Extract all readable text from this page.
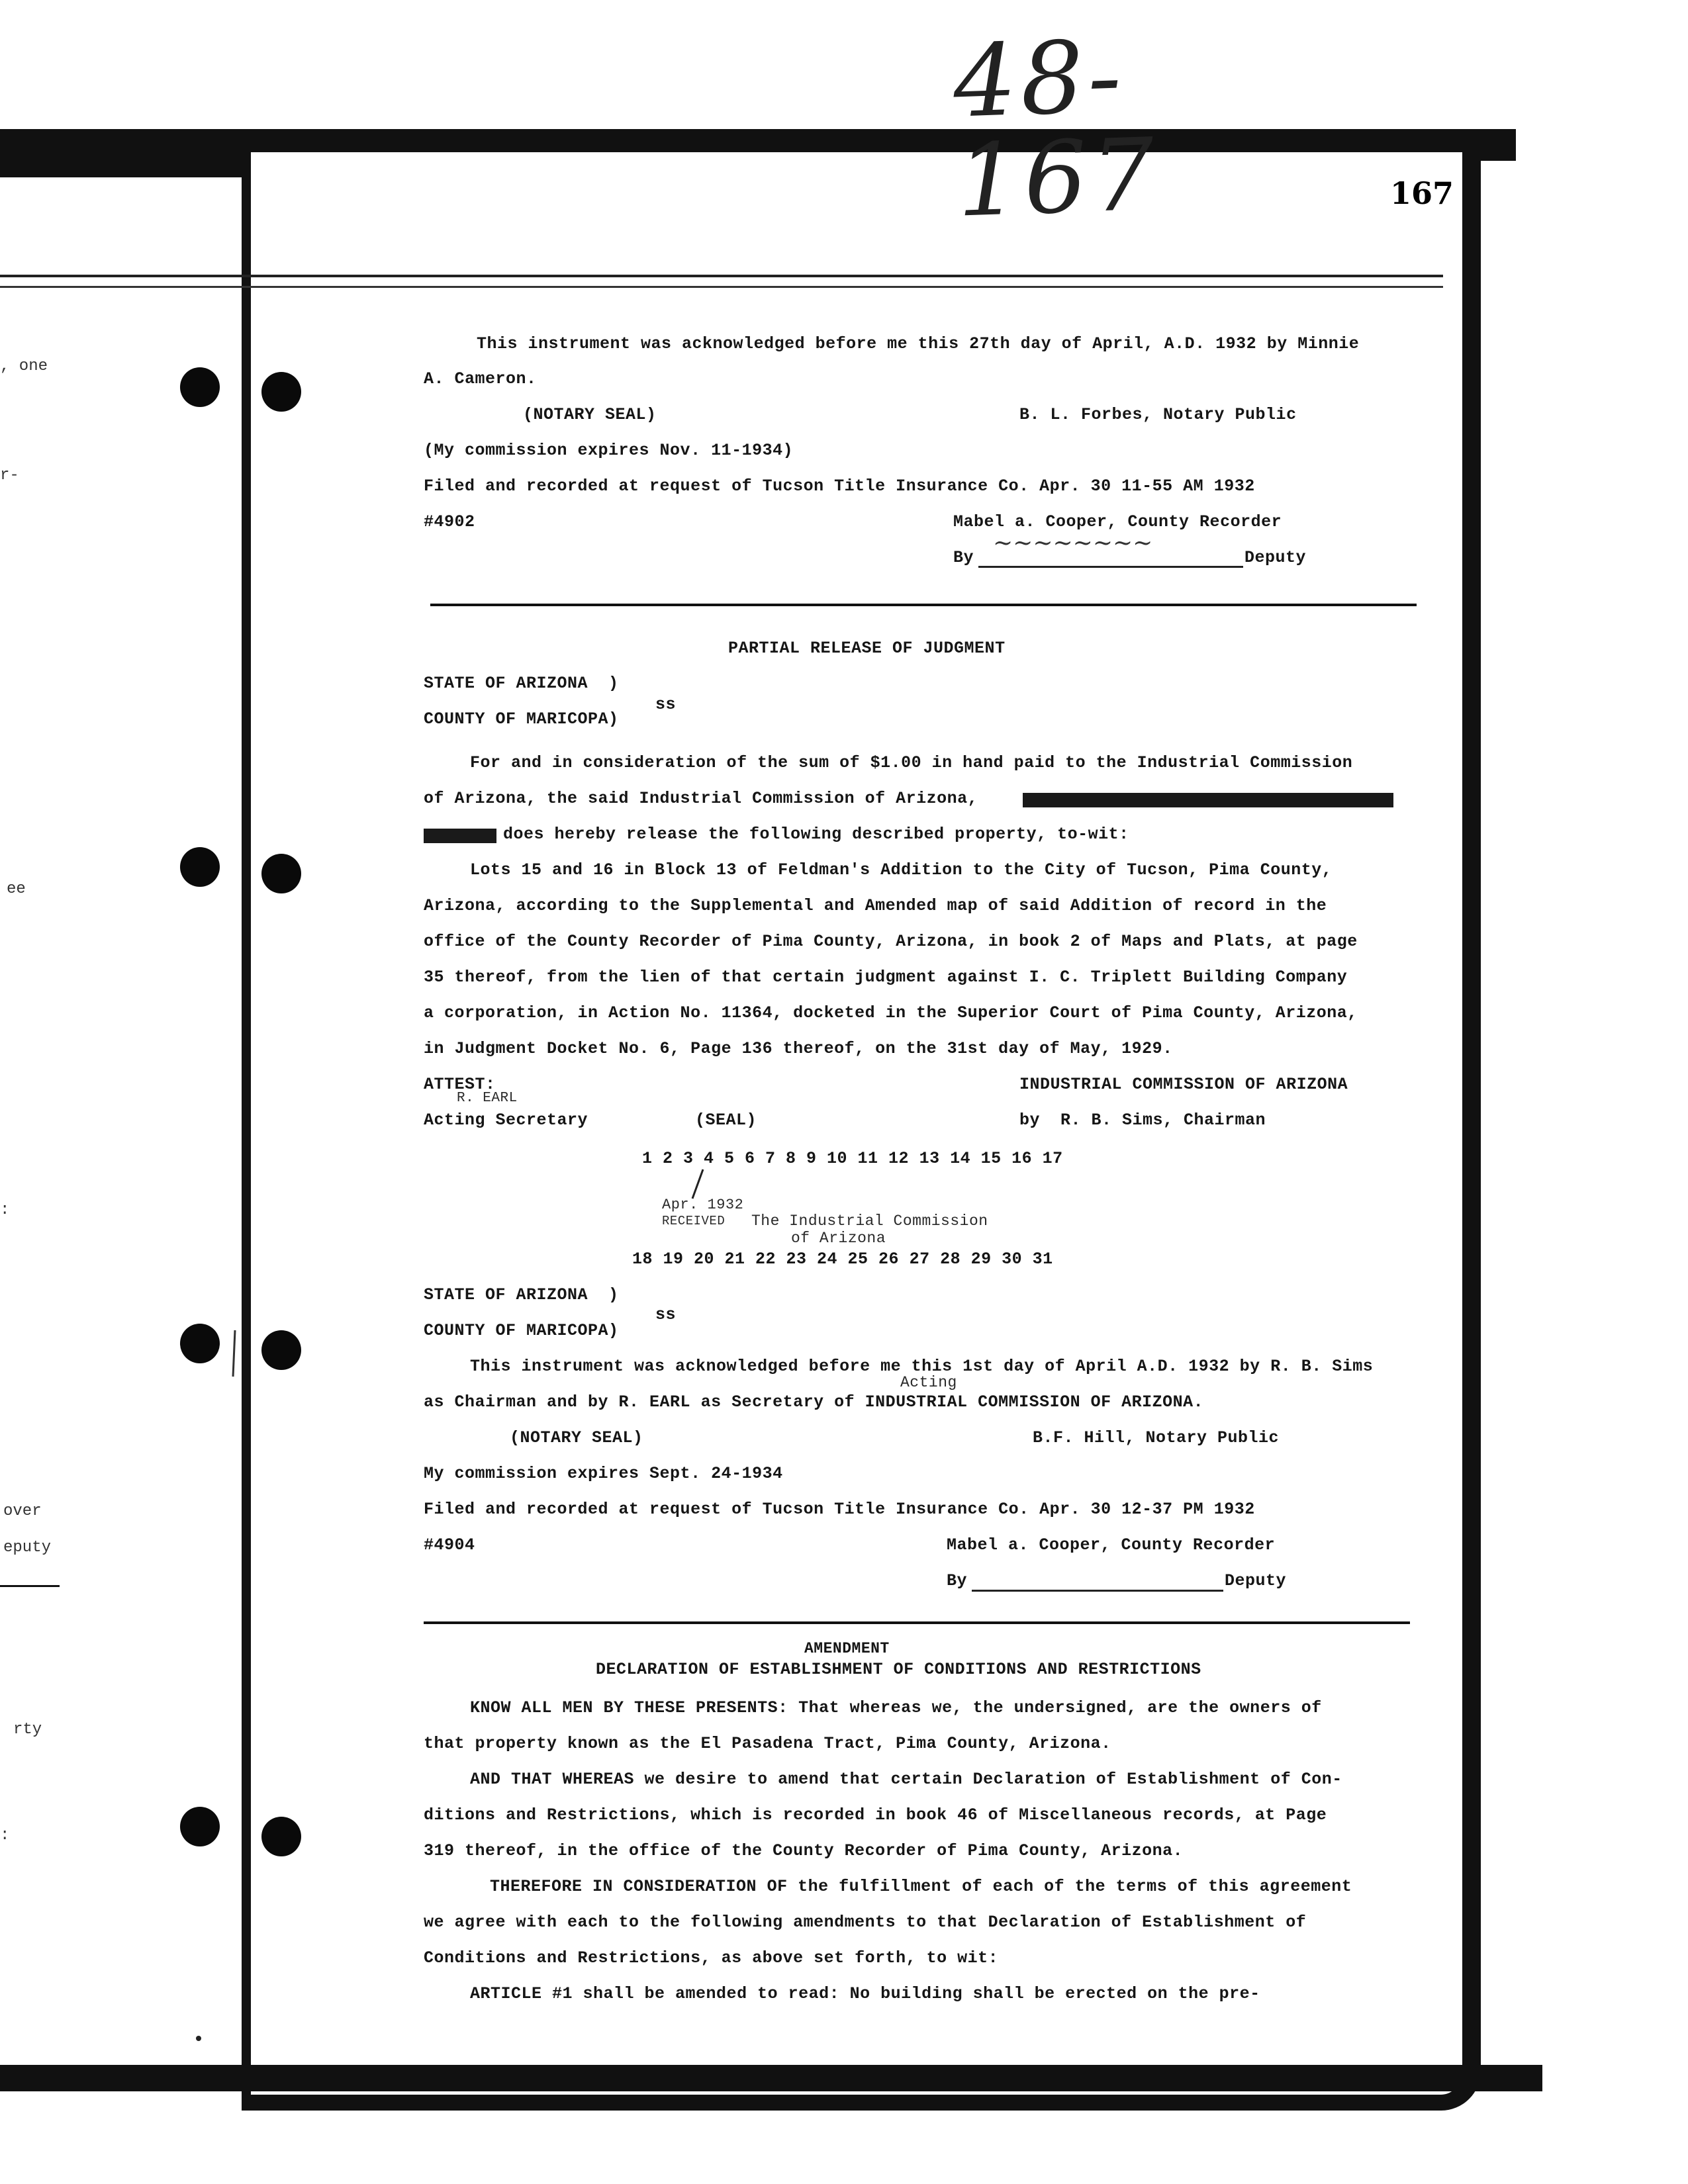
48-167	167
, one
r-
ee
:
over
eputy
rty
:
This instrument was acknowledged before me this 27th day of April, A.D. 1932 by Minnie
A. Cameron.
(NOTARY SEAL)	B. L. Forbes, Notary Public
(My commission expires Nov. 11-1934)
Filed and recorded at request of Tucson Title Insurance Co. Apr. 30 11-55 AM 1932
#4902	Mabel a. Cooper, County Recorder
By
~~~~~~~~
Deputy
PARTIAL RELEASE OF JUDGMENT
STATE OF ARIZONA  )
COUNTY OF MARICOPA)
ss
For and in consideration of the sum of $1.00 in hand paid to the Industrial Commission
of Arizona, the said Industrial Commission of Arizona,
does hereby release the following described property, to-wit:
Lots 15 and 16 in Block 13 of Feldman's Addition to the City of Tucson, Pima County,
Arizona, according to the Supplemental and Amended map of said Addition of record in the
office of the County Recorder of Pima County, Arizona, in book 2 of Maps and Plats, at page
35 thereof, from the lien of that certain judgment against I. C. Triplett Building Company
a corporation, in Action No. 11364, docketed in the Superior Court of Pima County, Arizona,
in Judgment Docket No. 6, Page 136 thereof, on the 31st day of May, 1929.
ATTEST:
R. EARL
INDUSTRIAL COMMISSION OF ARIZONA
Acting Secretary	(SEAL)	by  R. B. Sims, Chairman
1 2 3 4 5 6 7 8 9 10 11 12 13 14 15 16 17
Apr. 1932
RECEIVED The Industrial Commission
of Arizona
18 19 20 21 22 23 24 25 26 27 28 29 30 31
STATE OF ARIZONA  )
COUNTY OF MARICOPA)
ss
This instrument was acknowledged before me this 1st day of April A.D. 1932 by R. B. Sims
Acting
as Chairman and by R. EARL as Secretary of INDUSTRIAL COMMISSION OF ARIZONA.
(NOTARY SEAL)	B.F. Hill, Notary Public
My commission expires Sept. 24-1934
Filed and recorded at request of Tucson Title Insurance Co. Apr. 30 12-37 PM 1932
#4904	Mabel a. Cooper, County Recorder
By	Deputy
AMENDMENT
DECLARATION OF ESTABLISHMENT OF CONDITIONS AND RESTRICTIONS
KNOW ALL MEN BY THESE PRESENTS: That whereas we, the undersigned, are the owners of
that property known as the El Pasadena Tract, Pima County, Arizona.
AND THAT WHEREAS we desire to amend that certain Declaration of Establishment of Con-
ditions and Restrictions, which is recorded in book 46 of Miscellaneous records, at Page
319 thereof, in the office of the County Recorder of Pima County, Arizona.
THEREFORE IN CONSIDERATION OF the fulfillment of each of the terms of this agreement
we agree with each to the following amendments to that Declaration of Establishment of
Conditions and Restrictions, as above set forth, to wit:
ARTICLE #1 shall be amended to read: No building shall be erected on the pre-
